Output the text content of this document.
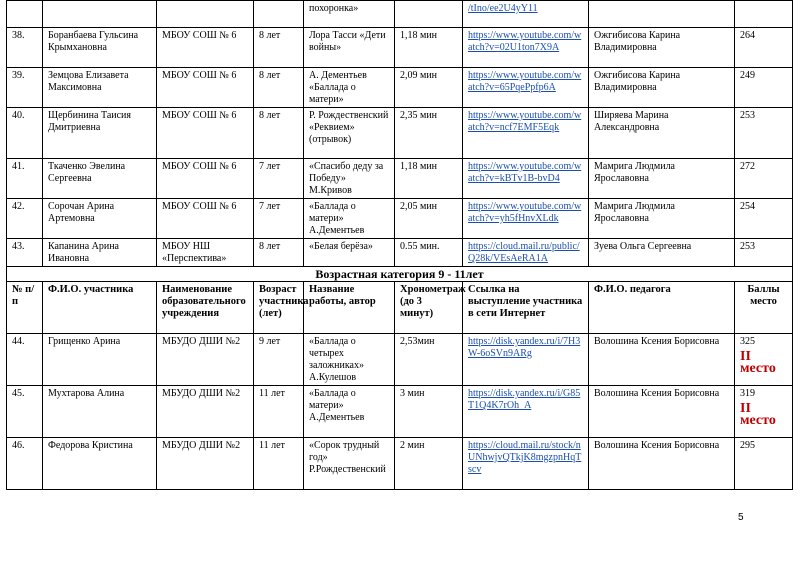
				похоронка»		/tIno/ee2U4yY11		
38.	Боранбаева Гульсина Крымхановна	МБОУ СОШ № 6	8 лет	Лора Тасси «Дети войны»	1,18 мин	https://www.youtube.com/watch?v=02U1ton7X9A	Ожгибисова Карина Владимировна	264
39.	Земцова Елизавета Максимовна	МБОУ СОШ № 6	8 лет	А. Дементьев «Баллада о матери»	2,09 мин	https://www.youtube.com/watch?v=65PqePpfp6A	Ожгибисова Карина Владимировна	249
40.	Щербинина Таисия Дмитриевна	МБОУ СОШ № 6	8 лет	Р. Рождественский «Реквием» (отрывок)	2,35 мин	https://www.youtube.com/watch?v=ncf7EMF5Eqk	Ширяева Марина Александровна	253
41.	Ткаченко Эвелина Сергеевна	МБОУ СОШ № 6	7 лет	«Спасибо деду за Победу» М.Кривов	1,18 мин	https://www.youtube.com/watch?v=kBTv1B-bvD4	Мамрига Людмила Ярославовна	272
42.	Сорочан Арина Артемовна	МБОУ СОШ № 6	7 лет	«Баллада о матери» А.Дементьев	2,05 мин	https://www.youtube.com/watch?v=yh5fHnvXLdk	Мамрига Людмила Ярославовна	254
43.	Капанина Арина Ивановна	МБОУ НШ «Перспектива»	8 лет	«Белая берёза»	0.55 мин.	https://cloud.mail.ru/public/Q28k/VEsAeRA1A	Зуева Ольга Сергеевна	253
Возрастная категория 9 - 11лет								
№ п/п	Ф.И.О. участника	Наименование образовательного учреждения	Возраст участника (лет)	Название работы, автор	Хронометраж (до 3 минут)	Ссылка на выступление участника в сети Интернет	Ф.И.О. педагога	Баллы место
44.	Грищенко Арина	МБУДО ДШИ №2	9 лет	«Баллада о четырех заложниках» А.Кулешов	2,53мин	https://disk.yandex.ru/i/7H3W-6oSVn9ARg	Волошина Ксения Борисовна	325
II место

45.	Мухтарова Алина	МБУДО ДШИ №2	11 лет	«Баллада о матери» А.Дементьев	3 мин	https://disk.yandex.ru/i/G85T1Q4K7rOh_A	Волошина Ксения Борисовна	319
II место

46.	Федорова Кристина	МБУДО ДШИ №2	11 лет	«Сорок трудный год» Р.Рождественский	2 мин	https://cloud.mail.ru/stock/nUNhwjvQTkjK8mgzpnHqTscv	Волошина Ксения Борисовна	295
5
